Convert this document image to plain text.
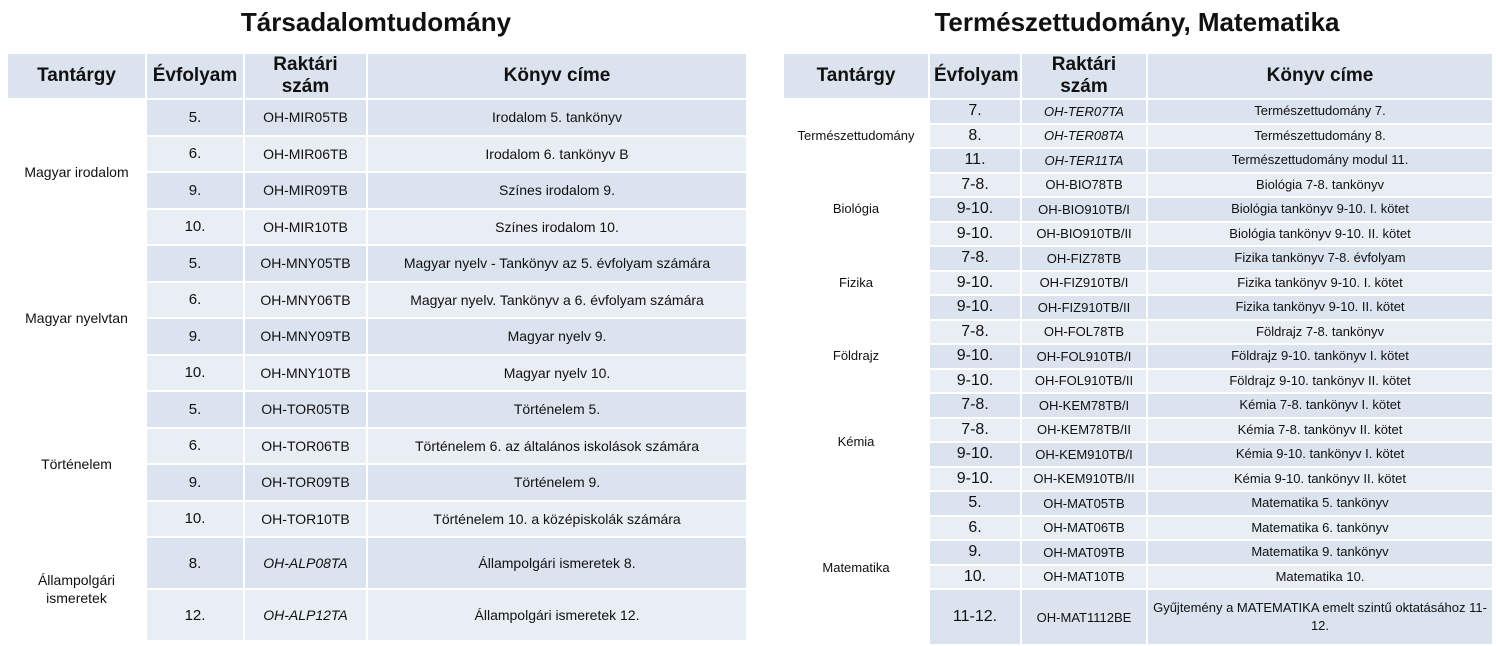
Társadalomtudomány	Természettudomány, Matematika
Tantárgy	Évfolyam	Raktári szám	Könyv címe
Magyar irodalom	5.	OH-MIR05TB	Irodalom 5. tankönyv
	6.	OH-MIR06TB	Irodalom 6. tankönyv B
	9.	OH-MIR09TB	Színes irodalom 9.
	10.	OH-MIR10TB	Színes irodalom 10.
Magyar nyelvtan	5.	OH-MNY05TB	Magyar nyelv - Tankönyv az 5. évfolyam számára
	6.	OH-MNY06TB	Magyar nyelv. Tankönyv a 6. évfolyam számára
	9.	OH-MNY09TB	Magyar nyelv 9.
	10.	OH-MNY10TB	Magyar nyelv 10.
Történelem	5.	OH-TOR05TB	Történelem 5.
	6.	OH-TOR06TB	Történelem 6. az általános iskolások számára
	9.	OH-TOR09TB	Történelem 9.
	10.	OH-TOR10TB	Történelem 10. a középiskolák számára
Állampolgári ismeretek	8.	OH-ALP08TA	Állampolgári ismeretek 8.
	12.	OH-ALP12TA	Állampolgári ismeretek 12.
Tantárgy	Évfolyam	Raktári szám	Könyv címe
Természettudomány	7.	OH-TER07TA	Természettudomány 7.
	8.	OH-TER08TA	Természettudomány 8.
	11.	OH-TER11TA	Természettudomány modul 11.
Biológia	7-8.	OH-BIO78TB	Biológia 7-8. tankönyv
	9-10.	OH-BIO910TB/I	Biológia tankönyv 9-10. I. kötet
	9-10.	OH-BIO910TB/II	Biológia tankönyv 9-10. II. kötet
Fizika	7-8.	OH-FIZ78TB	Fizika tankönyv 7-8. évfolyam
	9-10.	OH-FIZ910TB/I	Fizika tankönyv 9-10. I. kötet
	9-10.	OH-FIZ910TB/II	Fizika tankönyv 9-10. II. kötet
Földrajz	7-8.	OH-FOL78TB	Földrajz 7-8. tankönyv
	9-10.	OH-FOL910TB/I	Földrajz 9-10. tankönyv I. kötet
	9-10.	OH-FOL910TB/II	Földrajz 9-10. tankönyv II. kötet
Kémia	7-8.	OH-KEM78TB/I	Kémia 7-8. tankönyv I. kötet
	7-8.	OH-KEM78TB/II	Kémia 7-8. tankönyv II. kötet
	9-10.	OH-KEM910TB/I	Kémia 9-10. tankönyv I. kötet
	9-10.	OH-KEM910TB/II	Kémia 9-10. tankönyv II. kötet
Matematika	5.	OH-MAT05TB	Matematika 5. tankönyv
	6.	OH-MAT06TB	Matematika 6. tankönyv
	9.	OH-MAT09TB	Matematika 9. tankönyv
	10.	OH-MAT10TB	Matematika 10.
	11-12.	OH-MAT1112BE	Gyűjtemény a MATEMATIKA emelt szintű oktatásához 11-12.
